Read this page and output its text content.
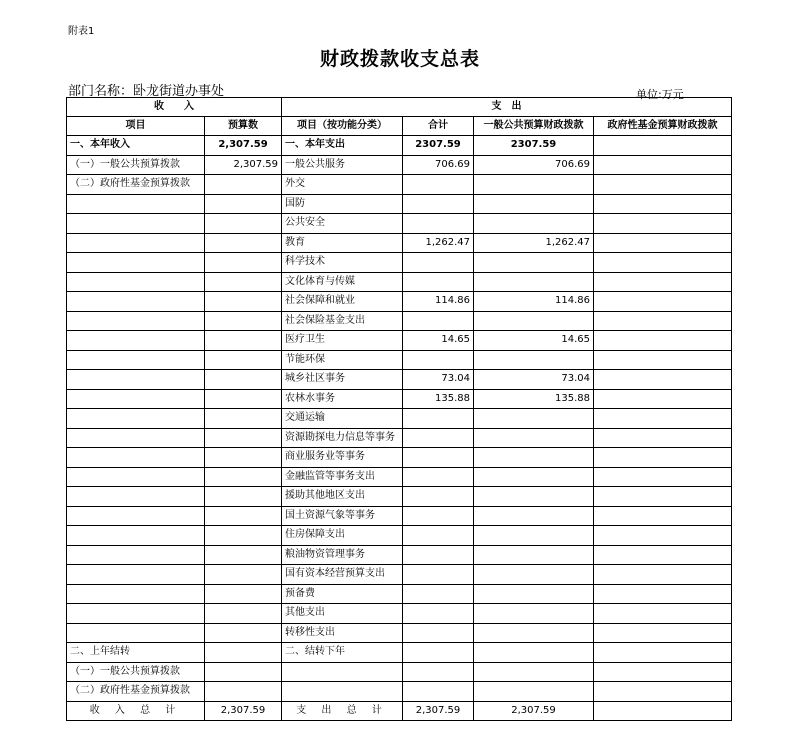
附表1
财政拨款收支总表
部门名称：卧龙街道办事处	单位:万元
收　　入		支　出			
项目	预算数	项目（按功能分类）	合计	一般公共预算财政拨款	政府性基金预算财政拨款
一、本年收入	2,307.59	一、本年支出	2307.59	2307.59	
（一）一般公共预算拨款	2,307.59	一般公共服务	706.69	706.69	
（二）政府性基金预算拨款		外交			
		国防			
		公共安全			
		教育	1,262.47	1,262.47	
		科学技术			
		文化体育与传媒			
		社会保障和就业	114.86	114.86	
		社会保险基金支出			
		医疗卫生	14.65	14.65	
		节能环保			
		城乡社区事务	73.04	73.04	
		农林水事务	135.88	135.88	
		交通运输			
		资源勘探电力信息等事务			
		商业服务业等事务			
		金融监管等事务支出			
		援助其他地区支出			
		国土资源气象等事务			
		住房保障支出			
		粮油物资管理事务			
		国有资本经营预算支出			
		预备费			
		其他支出			
		转移性支出			
二、上年结转		二、结转下年			
（一）一般公共预算拨款					
（二）政府性基金预算拨款					
收 入 总 计	2,307.59	支 出 总 计	2,307.59	2,307.59	
